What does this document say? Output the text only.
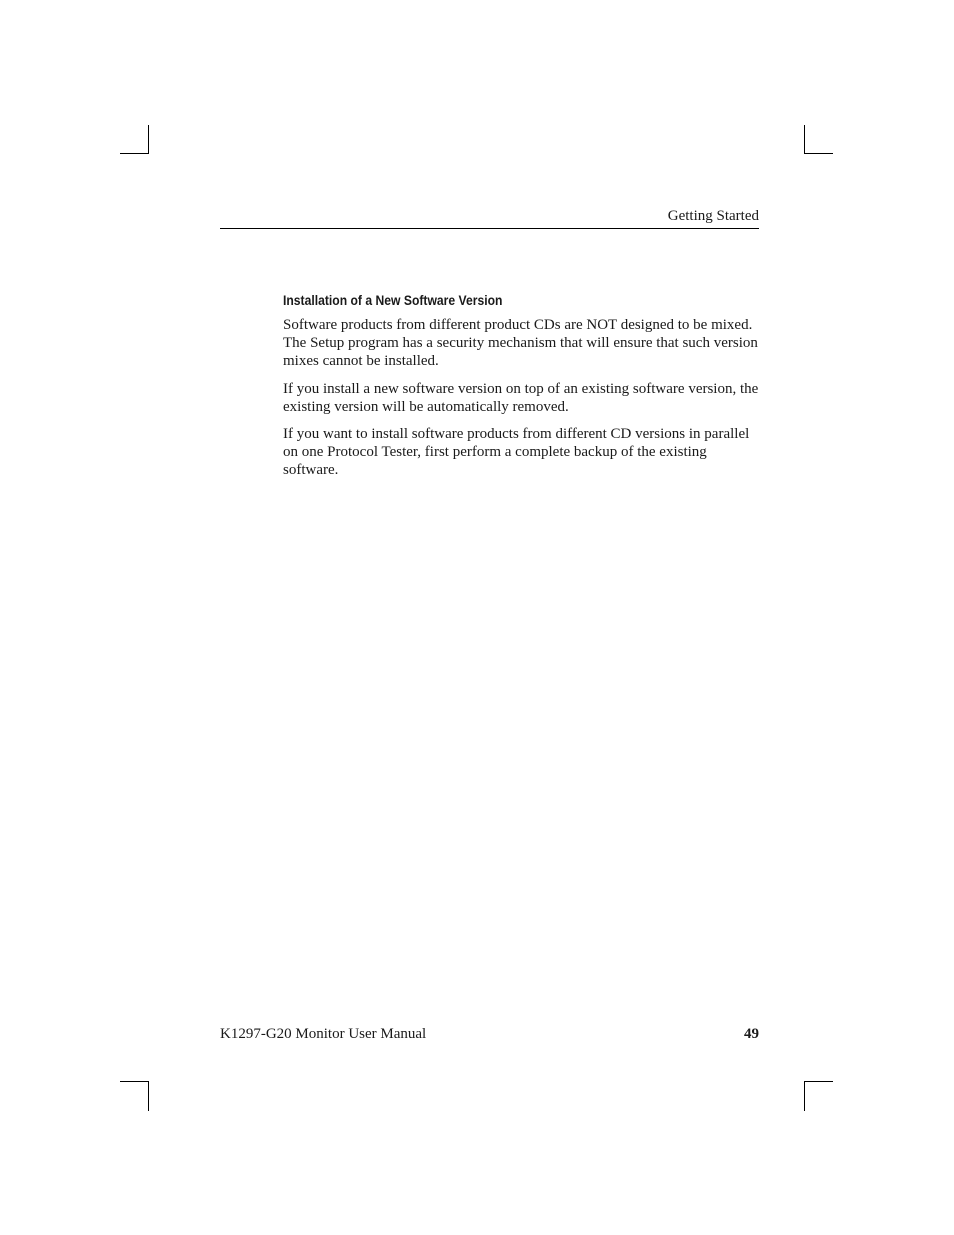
Getting Started
Installation of a New Software Version

Software products from different product CDs are NOT designed to be mixed. The Setup program has a security mechanism that will ensure that such version mixes cannot be installed.

If you install a new software version on top of an existing software version, the existing version will be automatically removed.

If you want to install software products from different CD versions in parallel on one Protocol Tester, first perform a complete backup of the existing software.

K1297-G20 Monitor User Manual	49
